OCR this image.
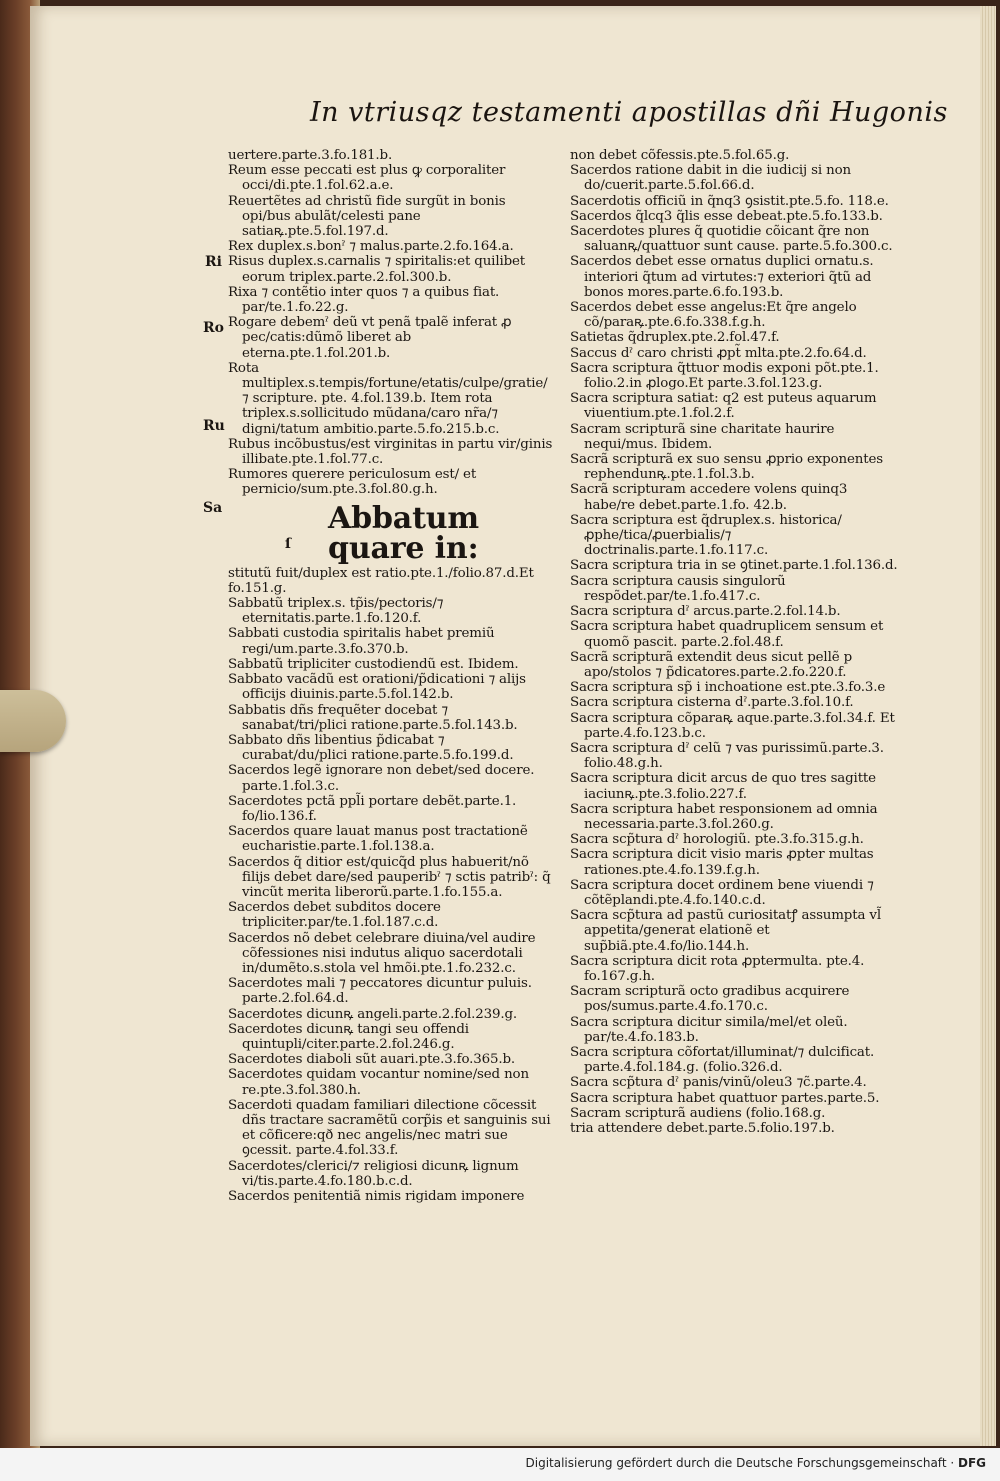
In vtriusqz testamenti apostillas dñi Hugonis
Ri
Ro
Ru
Sa
ſ

uertere.parte.3.fo.181.b.

Reum esse peccati est plus ꝙ corporaliter occi/di.pte.1.fol.62.a.e.

Reuertẽtes ad christũ fide surgũt in bonis opi/bus abulãt/celesti pane satiaꝶ.pte.5.fol.197.d.

Rex duplex.s.bonˀ ⁊ malus.parte.2.fo.164.a.

Risus duplex.s.carnalis ⁊ spiritalis:et quilibet eorum triplex.parte.2.fol.300.b.

Rixa ⁊ contẽtio inter quos ⁊ a quibus fiat. par/te.1.fo.22.g.

Rogare debemˀ deũ vt penã tpalẽ inferat ꝓ pec/catis:dũmõ liberet ab eterna.pte.1.fol.201.b.

Rota multiplex.s.tempis/fortune/etatis/culpe/gratie/⁊ scripture. pte. 4.fol.139.b. Item rota triplex.s.sollicitudo mũdana/caro nr̃a/⁊ digni/tatum ambitio.parte.5.fo.215.b.c.

Rubus incõbustus/est virginitas in partu vir/ginis illibate.pte.1.fol.77.c.

Rumores querere periculosum est/ et pernicio/sum.pte.3.fol.80.g.h.

Abbatum quare in:

stitutũ fuit/duplex est ratio.pte.1./folio.87.d.Et fo.151.g.

Sabbatũ triplex.s. tp̃is/pectoris/⁊ eternitatis.parte.1.fo.120.f.

Sabbati custodia spiritalis habet premiũ regi/um.parte.3.fo.370.b.

Sabbatũ tripliciter custodiendũ est. Ibidem.

Sabbato vacãdũ est orationi/p̃dicationi ⁊ alijs officijs diuinis.parte.5.fol.142.b.

Sabbatis dñs frequẽter docebat ⁊ sanabat/tri/plici ratione.parte.5.fol.143.b.

Sabbato dñs libentius p̃dicabat ⁊ curabat/du/plici ratione.parte.5.fo.199.d.

Sacerdos legẽ ignorare non debet/sed docere. parte.1.fol.3.c.

Sacerdotes pctã ppl̃i portare debẽt.parte.1. fo/lio.136.f.

Sacerdos quare lauat manus post tractationẽ eucharistie.parte.1.fol.138.a.

Sacerdos q̃ ditior est/quicq̃d plus habuerit/nõ filijs debet dare/sed pauperibˀ ⁊ sctis patribˀ: q̃ vincũt merita liberorũ.parte.1.fo.155.a.

Sacerdos debet subditos docere tripliciter.par/te.1.fol.187.c.d.

Sacerdos nõ debet celebrare diuina/vel audire cõfessiones nisi indutus aliquo sacerdotali in/dumẽto.s.stola vel hmõi.pte.1.fo.232.c.

Sacerdotes mali ⁊ peccatores dicuntur puluis. parte.2.fol.64.d.

Sacerdotes dicunꝶ angeli.parte.2.fol.239.g.

Sacerdotes dicunꝶ tangi seu offendi quintupli/citer.parte.2.fol.246.g.

Sacerdotes diaboli sũt auari.pte.3.fo.365.b.

Sacerdotes quidam vocantur nomine/sed non re.pte.3.fol.380.h.

Sacerdoti quadam familiari dilectione cõcessit dñs tractare sacramẽtũ corp̃is et sanguinis sui et cõficere:qð nec angelis/nec matri sue ꝯcessit. parte.4.fol.33.f.

Sacerdotes/clerici/⁊ religiosi dicunꝶ lignum vi/tis.parte.4.fo.180.b.c.d.

Sacerdos penitentiã nimis rigidam imponere

non debet cõfessis.pte.5.fol.65.g.

Sacerdos ratione dabit in die iudicij si non do/cuerit.parte.5.fol.66.d.

Sacerdotis officiũ in q̃nq3 ꝯsistit.pte.5.fo. 118.e.

Sacerdos q̃lcq3 q̃lis esse debeat.pte.5.fo.133.b.

Sacerdotes plures q̃ quotidie cõicant q̃re non saluanꝶ/quattuor sunt cause. parte.5.fo.300.c.

Sacerdos debet esse ornatus duplici ornatu.s. interiori q̃tum ad virtutes:⁊ exteriori q̃tũ ad bonos mores.parte.6.fo.193.b.

Sacerdos debet esse angelus:Et q̃re angelo cõ/paraꝶ.pte.6.fo.338.f.g.h.

Satietas q̃druplex.pte.2.fol.47.f.

Saccus dˀ caro christi ꝓpt̃ mlta.pte.2.fo.64.d.

Sacra scriptura q̃ttuor modis exponi põt.pte.1. folio.2.in ꝓlogo.Et parte.3.fol.123.g.

Sacra scriptura satiat: q2 est puteus aquarum viuentium.pte.1.fol.2.f.

Sacram scripturã sine charitate haurire nequi/mus. Ibidem.

Sacrã scripturã ex suo sensu ꝓprio exponentes rephendunꝶ.pte.1.fol.3.b.

Sacrã scripturam accedere volens quinq3 habe/re debet.parte.1.fo. 42.b.

Sacra scriptura est q̃druplex.s. historica/ꝓphe/tica/ꝓuerbialis/⁊ doctrinalis.parte.1.fo.117.c.

Sacra scriptura tria in se ꝯtinet.parte.1.fol.136.d.

Sacra scriptura causis singulorũ respõdet.par/te.1.fo.417.c.

Sacra scriptura dˀ arcus.parte.2.fol.14.b.

Sacra scriptura habet quadruplicem sensum et quomõ pascit. parte.2.fol.48.f.

Sacrã scripturã extendit deus sicut pellẽ p apo/stolos ⁊ p̃dicatores.parte.2.fo.220.f.

Sacra scriptura sp̃ i inchoatione est.pte.3.fo.3.e

Sacra scriptura cisterna dˀ.parte.3.fol.10.f.

Sacra scriptura cõparaꝶ aque.parte.3.fol.34.f. Et parte.4.fo.123.b.c.

Sacra scriptura dˀ celũ ⁊ vas purissimũ.parte.3. folio.48.g.h.

Sacra scriptura dicit arcus de quo tres sagitte iaciunꝶ.pte.3.folio.227.f.

Sacra scriptura habet responsionem ad omnia necessaria.parte.3.fol.260.g.

Sacra scp̃tura dˀ horologiũ. pte.3.fo.315.g.h.

Sacra scriptura dicit visio maris ꝓpter multas rationes.pte.4.fo.139.f.g.h.

Sacra scriptura docet ordinem bene viuendi ⁊ cõtẽplandi.pte.4.fo.140.c.d.

Sacra scp̃tura ad pastũ curiositatꝭ assumpta vl̃ appetita/generat elationẽ et sup̃biã.pte.4.fo/lio.144.h.

Sacra scriptura dicit rota ꝓptermulta. pte.4. fo.167.g.h.

Sacram scripturã octo gradibus acquirere pos/sumus.parte.4.fo.170.c.

Sacra scriptura dicitur simila/mel/et oleũ. par/te.4.fo.183.b.

Sacra scriptura cõfortat/illuminat/⁊ dulcificat. parte.4.fol.184.g. (folio.326.d.

Sacra scp̃tura dˀ panis/vinũ/oleu3 ⁊c̃.parte.4.

Sacra scriptura habet quattuor partes.parte.5.

Sacram scripturã audiens (folio.168.g.

tria attendere debet.parte.5.folio.197.b.

Digitalisierung gefördert durch die Deutsche Forschungsgemeinschaft · DFG
